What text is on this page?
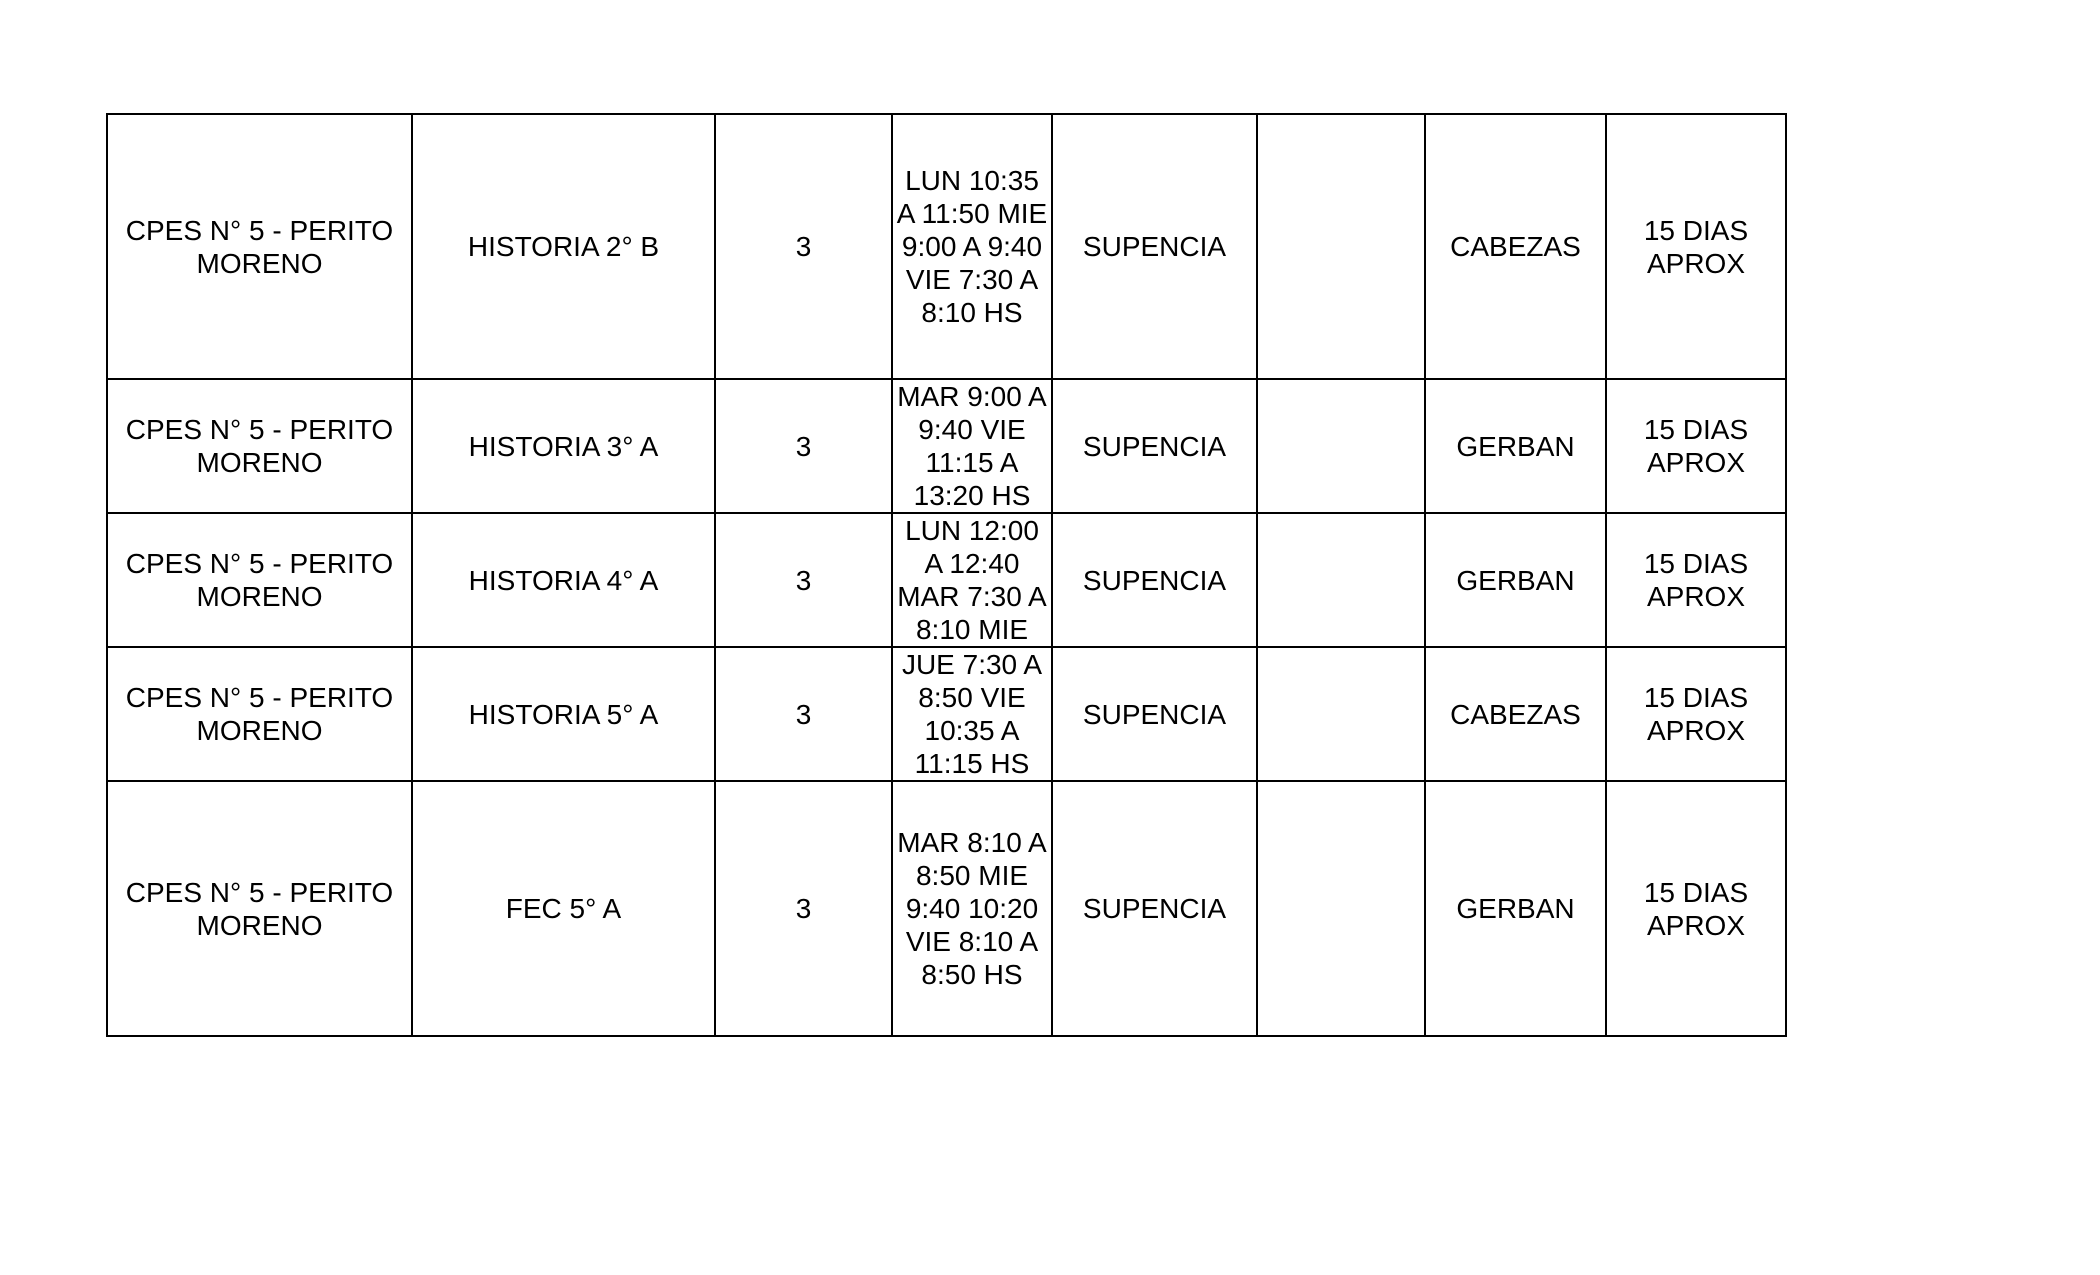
CPES N° 5 - PERITO MORENO	HISTORIA 2° B	3	LUN 10:35 A 11:50 MIE 9:00 A 9:40 VIE 7:30 A 8:10 HS	SUPENCIA		CABEZAS	15 DIAS APROX
CPES N° 5 - PERITO MORENO	HISTORIA 3° A	3	MAR 9:00 A 9:40 VIE 11:15 A 13:20 HS	SUPENCIA		GERBAN	15 DIAS APROX
CPES N° 5 - PERITO MORENO	HISTORIA 4° A	3	LUN 12:00 A 12:40 MAR 7:30 A 8:10 MIE	SUPENCIA		GERBAN	15 DIAS APROX
CPES N° 5 - PERITO MORENO	HISTORIA 5° A	3	JUE 7:30 A 8:50 VIE 10:35 A 11:15 HS	SUPENCIA		CABEZAS	15 DIAS APROX
CPES N° 5 - PERITO MORENO	FEC 5° A	3	MAR 8:10 A 8:50 MIE 9:40 10:20 VIE 8:10 A 8:50 HS	SUPENCIA		GERBAN	15 DIAS APROX
